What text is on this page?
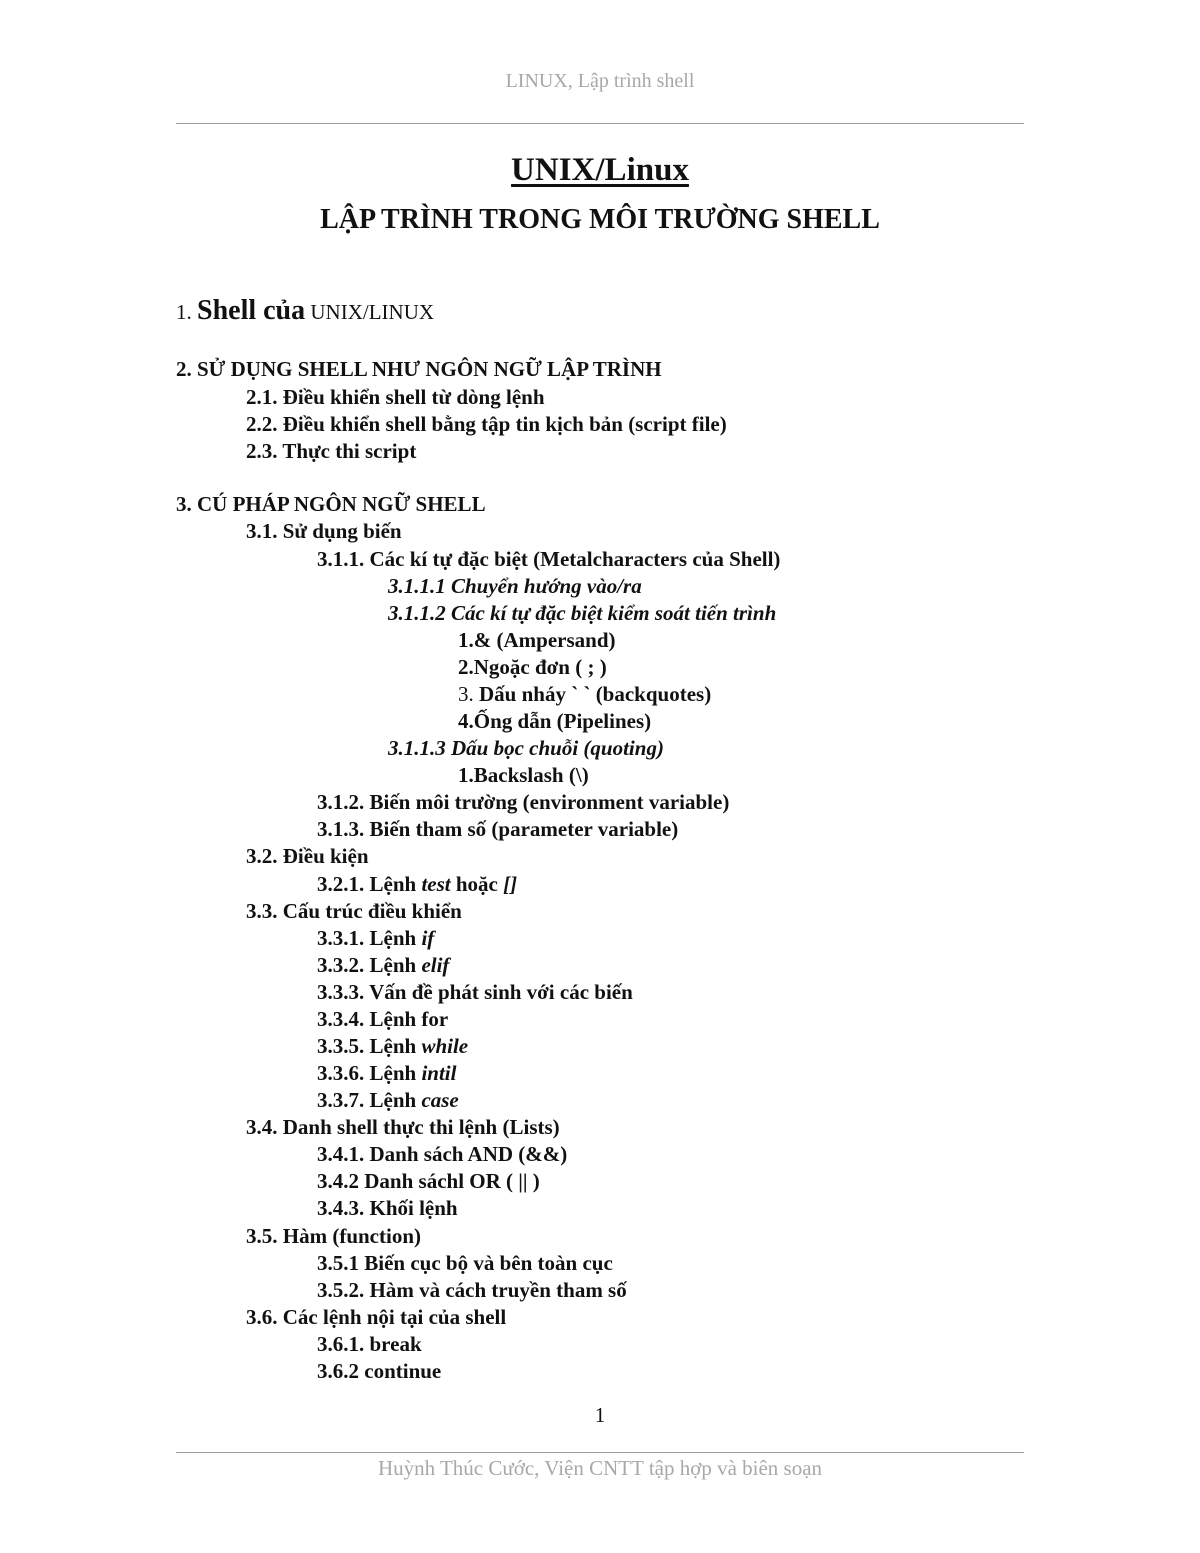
LINUX, Lập trình shell
UNIX/Linux
LẬP TRÌNH TRONG MÔI TRƯỜNG SHELL
1. Shell của UNIX/LINUX
2. SỬ DỤNG SHELL NHƯ NGÔN NGỮ LẬP TRÌNH
2.1. Điều khiển shell từ dòng lệnh
2.2. Điều khiển shell bằng tập tin kịch bản (script file)
2.3. Thực thi script
3. CÚ PHÁP NGÔN NGỮ SHELL
3.1. Sử dụng biến
3.1.1. Các kí tự đặc biệt (Metalcharacters của Shell)
3.1.1.1 Chuyển hướng vào/ra
3.1.1.2 Các kí tự đặc biệt kiểm soát tiến trình
1.& (Ampersand)
2.Ngoặc đơn ( ; )
3. Dấu nháy ` ` (backquotes)
4.Ống dẫn (Pipelines)
3.1.1.3 Dấu bọc chuỗi (quoting)
1.Backslash (\)
3.1.2. Biến môi trường (environment variable)
3.1.3. Biến tham số (parameter variable)
3.2. Điều kiện
3.2.1. Lệnh test hoặc []
3.3. Cấu trúc điều khiển
3.3.1. Lệnh if
3.3.2. Lệnh elif
3.3.3. Vấn đề phát sinh với các biến
3.3.4. Lệnh for
3.3.5. Lệnh while
3.3.6. Lệnh intil
3.3.7. Lệnh case
3.4. Danh shell thực thi lệnh (Lists)
3.4.1. Danh sách AND (&&)
3.4.2 Danh sáchl OR ( || )
3.4.3. Khối lệnh
3.5. Hàm (function)
3.5.1 Biến cục bộ và bên toàn cục
3.5.2. Hàm và cách truyền tham số
3.6. Các lệnh nội tại của shell
3.6.1. break
3.6.2 continue
1
Huỳnh Thúc Cước, Viện CNTT tập hợp và biên soạn
